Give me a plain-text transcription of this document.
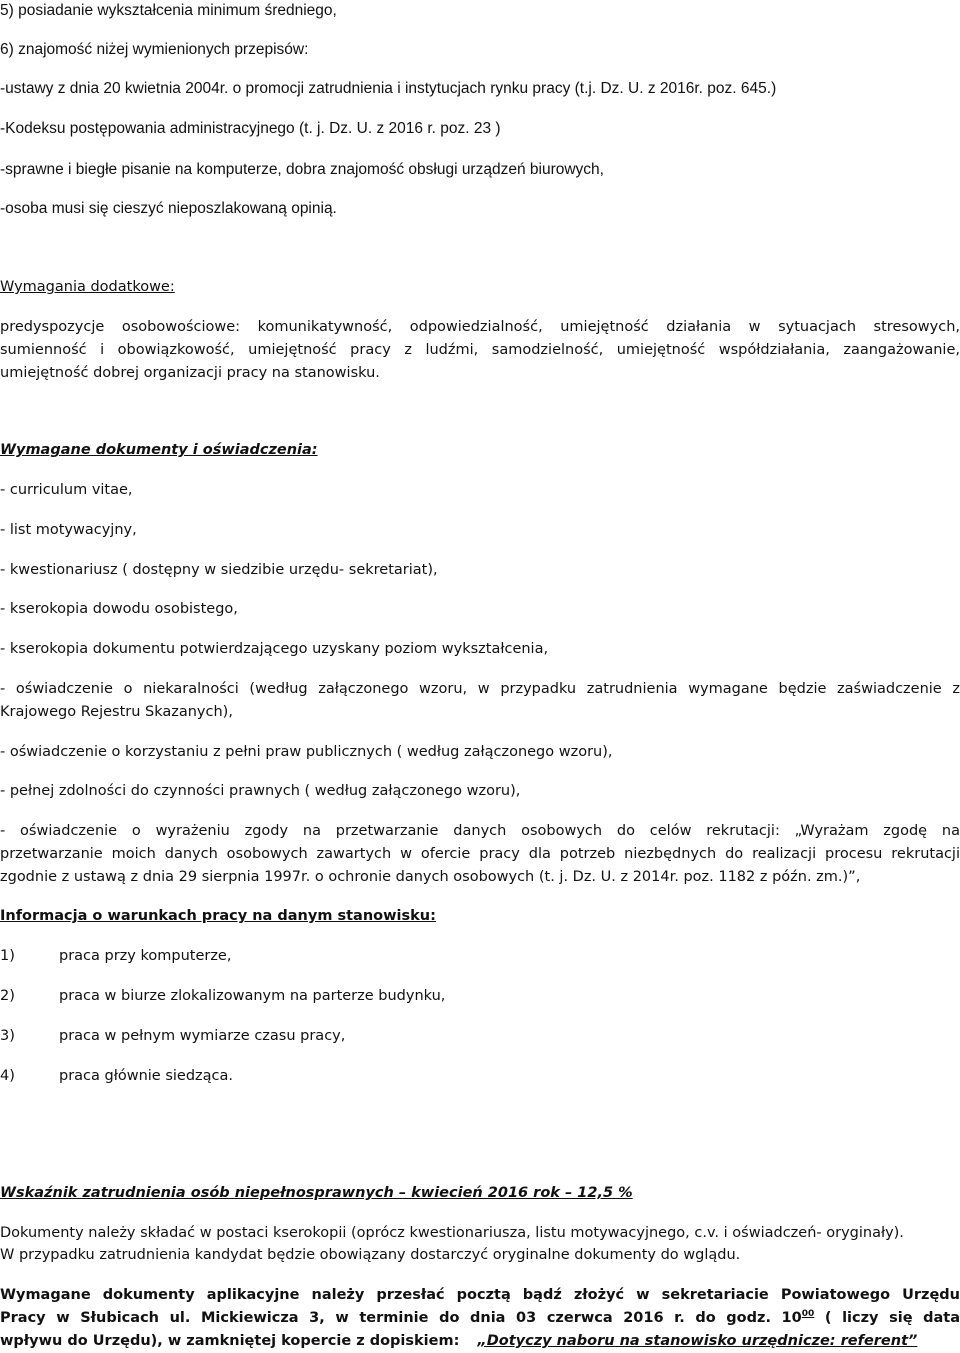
5) posiadanie wykształcenia minimum średniego,
6) znajomość niżej wymienionych przepisów:
-ustawy z dnia 20 kwietnia 2004r. o promocji zatrudnienia i instytucjach rynku pracy (t.j. Dz. U. z 2016r. poz. 645.)
-Kodeksu postępowania administracyjnego (t. j. Dz. U. z 2016 r. poz. 23 )
-sprawne i biegłe pisanie na komputerze, dobra znajomość obsługi urządzeń biurowych,
-osoba musi się cieszyć nieposzlakowaną opinią.
Wymagania dodatkowe:
predyspozycje osobowościowe: komunikatywność, odpowiedzialność, umiejętność działania w sytuacjach stresowych,
sumienność i obowiązkowość, umiejętność pracy z ludźmi, samodzielność, umiejętność współdziałania, zaangażowanie,
umiejętność dobrej organizacji pracy na stanowisku.
Wymagane dokumenty i oświadczenia:
- curriculum vitae,
- list motywacyjny,
- kwestionariusz ( dostępny w siedzibie urzędu- sekretariat),
- kserokopia dowodu osobistego,
- kserokopia dokumentu potwierdzającego uzyskany poziom wykształcenia,
- oświadczenie o niekaralności (według załączonego wzoru, w przypadku zatrudnienia wymagane będzie zaświadczenie z
Krajowego Rejestru Skazanych),
- oświadczenie o korzystaniu z pełni praw publicznych ( według załączonego wzoru),
- pełnej zdolności do czynności prawnych ( według załączonego wzoru),
- oświadczenie o wyrażeniu zgody na przetwarzanie danych osobowych do celów rekrutacji: „Wyrażam zgodę na
przetwarzanie moich danych osobowych zawartych w ofercie pracy dla potrzeb niezbędnych do realizacji procesu rekrutacji
zgodnie z ustawą z dnia 29 sierpnia 1997r. o ochronie danych osobowych (t. j. Dz. U. z 2014r. poz. 1182 z późn. zm.)”,
Informacja o warunkach pracy na danym stanowisku:
1)	praca przy komputerze,
2)	praca w biurze zlokalizowanym na parterze budynku,
3)	praca w pełnym wymiarze czasu pracy,
4)	praca głównie siedząca.
Wskaźnik zatrudnienia osób niepełnosprawnych – kwiecień 2016 rok – 12,5 %
Dokumenty należy składać w postaci kserokopii (oprócz kwestionariusza, listu motywacyjnego, c.v. i oświadczeń- oryginały).
W przypadku zatrudnienia kandydat będzie obowiązany dostarczyć oryginalne dokumenty do wglądu.
Wymagane dokumenty aplikacyjne należy przesłać pocztą bądź złożyć w sekretariacie Powiatowego Urzędu
Pracy w Słubicach ul. Mickiewicza 3, w terminie do dnia 03 czerwca 2016 r. do godz. $10^{00}$ ( liczy się data
wpływu do Urzędu), w zamkniętej kopercie z dopiskiem: „Dotyczy naboru na stanowisko urzędnicze: referent”
